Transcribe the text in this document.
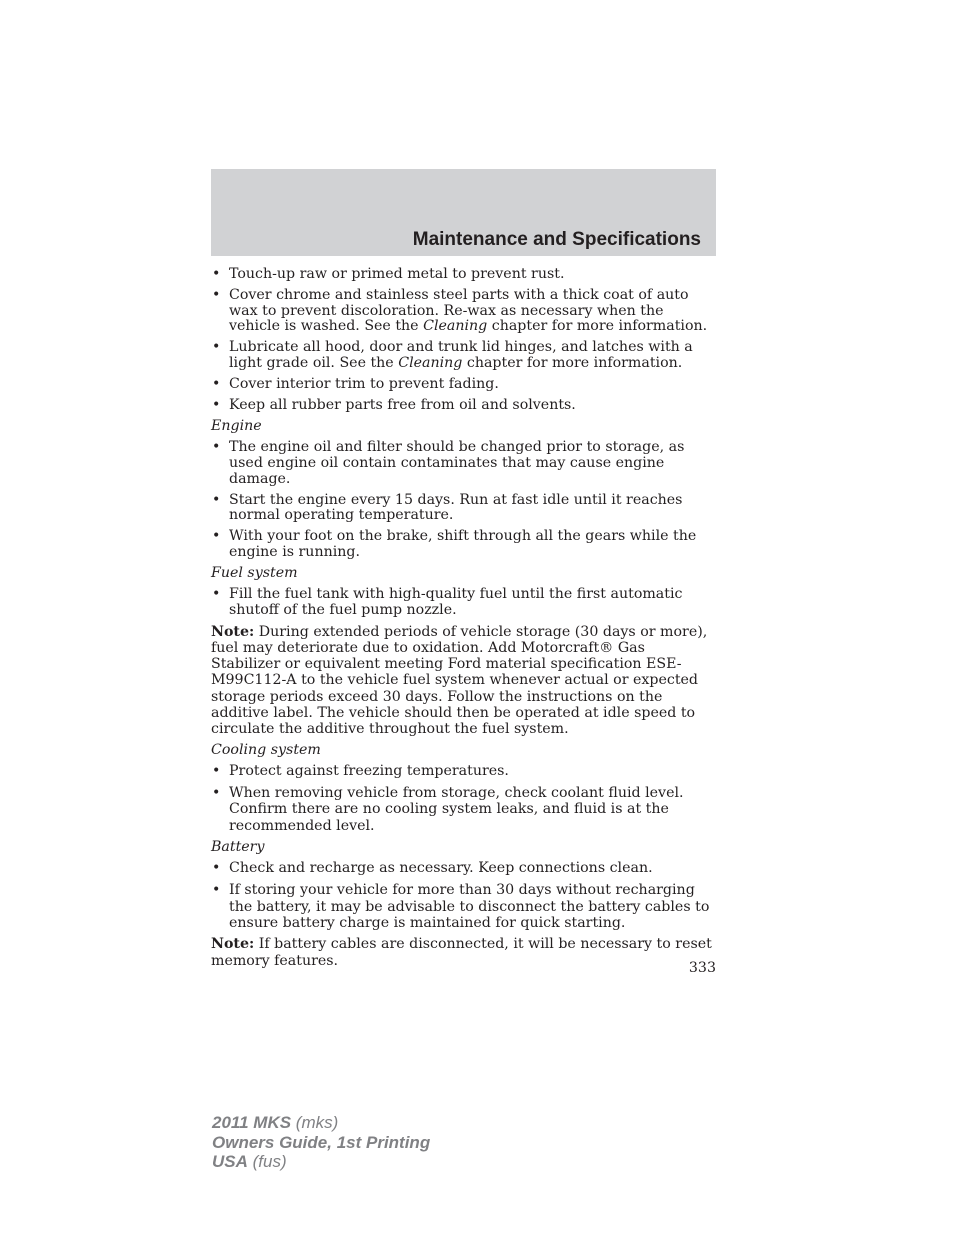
Maintenance and Specifications
• Touch-up raw or primed metal to prevent rust.
• Cover chrome and stainless steel parts with a thick coat of auto wax to prevent discoloration. Re-wax as necessary when the vehicle is washed. See the Cleaning chapter for more information.
• Lubricate all hood, door and trunk lid hinges, and latches with a light grade oil. See the Cleaning chapter for more information.
• Cover interior trim to prevent fading.
• Keep all rubber parts free from oil and solvents.
Engine
• The engine oil and filter should be changed prior to storage, as used engine oil contain contaminates that may cause engine damage.
• Start the engine every 15 days. Run at fast idle until it reaches normal operating temperature.
• With your foot on the brake, shift through all the gears while the engine is running.
Fuel system
• Fill the fuel tank with high-quality fuel until the first automatic shutoff of the fuel pump nozzle.
Note: During extended periods of vehicle storage (30 days or more), fuel may deteriorate due to oxidation. Add Motorcraft® Gas Stabilizer or equivalent meeting Ford material specification ESE-M99C112-A to the vehicle fuel system whenever actual or expected storage periods exceed 30 days. Follow the instructions on the additive label. The vehicle should then be operated at idle speed to circulate the additive throughout the fuel system.
Cooling system
• Protect against freezing temperatures.
• When removing vehicle from storage, check coolant fluid level. Confirm there are no cooling system leaks, and fluid is at the recommended level.
Battery
• Check and recharge as necessary. Keep connections clean.
• If storing your vehicle for more than 30 days without recharging the battery, it may be advisable to disconnect the battery cables to ensure battery charge is maintained for quick starting.
Note: If battery cables are disconnected, it will be necessary to reset memory features.	333
2011 MKS (mks)
Owners Guide, 1st Printing
USA (fus)
